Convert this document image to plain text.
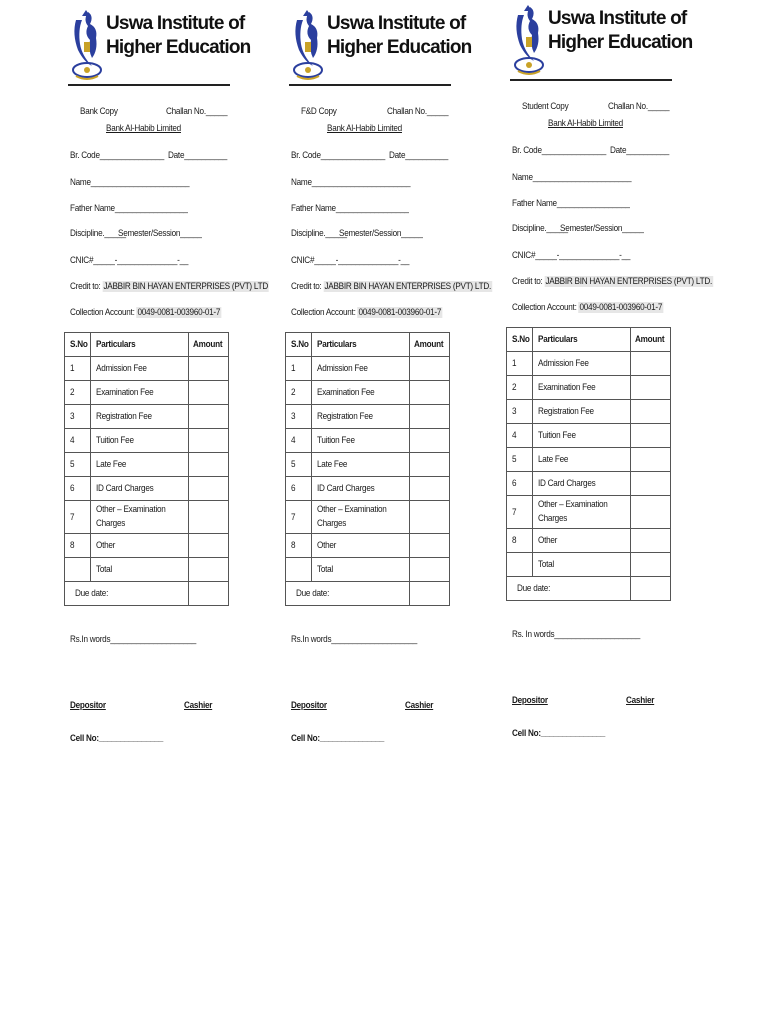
Uswa Institute of
Higher Education
Bank Copy	Challan No._____
Bank Al-Habib Limited
Br. Code_______________ Date__________
Name_______________________
Father Name_________________
Discipline._____
Semester/Session_____
CNIC#_____-______________-__
Credit to: JABBIR BIN HAYAN ENTERPRISES (PVT) LTD
Collection Account: 0049-0081-003960-01-7
S.No	Particulars	Amount
1	Admission Fee	
2	Examination Fee	
3	Registration Fee	
4	Tuition Fee	
5	Late Fee	
6	ID Card Charges	
7	Other – Examination Charges	
8	Other	
	Total	
Due date:		
Rs.In words____________________
Depositor	Cashier
Cell No:_______________
Uswa Institute of
Higher Education
F&D Copy	Challan No._____
Bank Al-Habib Limited
Br. Code_______________ Date__________
Name_______________________
Father Name_________________
Discipline._____
Semester/Session_____
CNIC#_____-______________-__
Credit to: JABBIR BIN HAYAN ENTERPRISES (PVT) LTD.
Collection Account: 0049-0081-003960-01-7
S.No	Particulars	Amount
1	Admission Fee	
2	Examination Fee	
3	Registration Fee	
4	Tuition Fee	
5	Late Fee	
6	ID Card Charges	
7	Other – Examination Charges	
8	Other	
	Total	
Due date:		
Rs.In words____________________
Depositor	Cashier
Cell No:_______________
Uswa Institute of
Higher Education
Student Copy	Challan No._____
Bank Al-Habib Limited
Br. Code_______________ Date__________
Name_______________________
Father Name_________________
Discipline._____
Semester/Session_____
CNIC#_____-______________-__
Credit to: JABBIR BIN HAYAN ENTERPRISES (PVT) LTD.
Collection Account: 0049-0081-003960-01-7
S.No	Particulars	Amount
1	Admission Fee	
2	Examination Fee	
3	Registration Fee	
4	Tuition Fee	
5	Late Fee	
6	ID Card Charges	
7	Other – Examination Charges	
8	Other	
	Total	
Due date:		
Rs. In words____________________
Depositor	Cashier
Cell No:_______________
